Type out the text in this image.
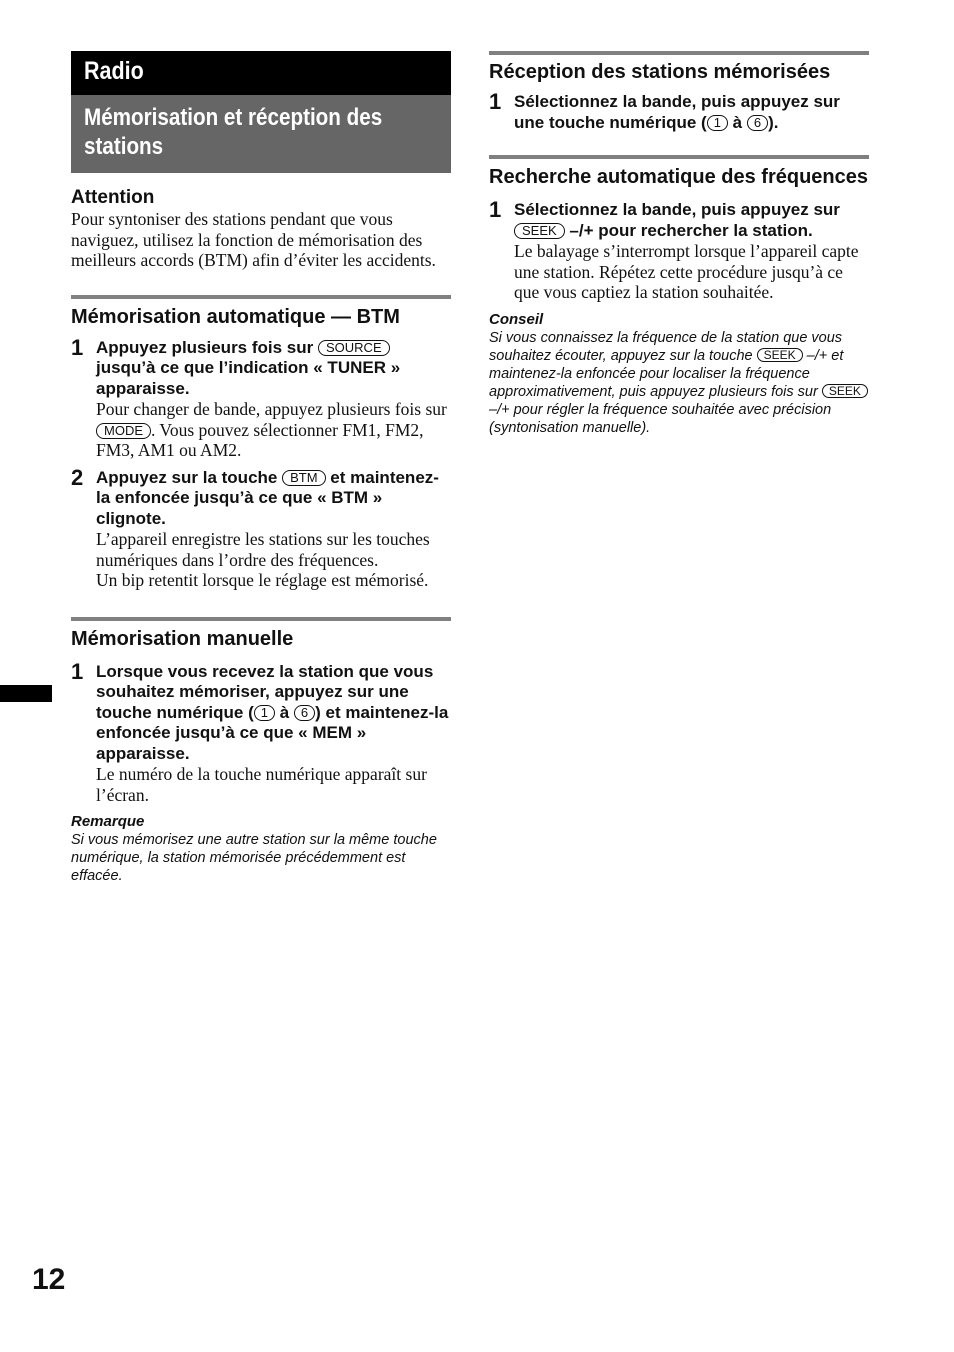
Radio
Mémorisation et réception des stations
Attention
Pour syntoniser des stations pendant que vous naviguez, utilisez la fonction de mémorisation des meilleurs accords (BTM) afin d’éviter les accidents.
Mémorisation automatique — BTM
1 Appuyez plusieurs fois sur SOURCE jusqu’à ce que l’indication « TUNER » apparaisse.
Pour changer de bande, appuyez plusieurs fois sur MODE . Vous pouvez sélectionner FM1, FM2, FM3, AM1 ou AM2.
2 Appuyez sur la touche BTM et maintenez-la enfoncée jusqu’à ce que « BTM » clignote.
L’appareil enregistre les stations sur les touches numériques dans l’ordre des fréquences.
Un bip retentit lorsque le réglage est mémorisé.
Mémorisation manuelle
1 Lorsque vous recevez la station que vous souhaitez mémoriser, appuyez sur une touche numérique ( 1 à 6 ) et maintenez-la enfoncée jusqu’à ce que « MEM » apparaisse.
Le numéro de la touche numérique apparaît sur l’écran.
Remarque
Si vous mémorisez une autre station sur la même touche numérique, la station mémorisée précédemment est effacée.
Réception des stations mémorisées
1 Sélectionnez la bande, puis appuyez sur une touche numérique ( 1 à 6 ).
Recherche automatique des fréquences
1 Sélectionnez la bande, puis appuyez sur SEEK –/+ pour rechercher la station.
Le balayage s’interrompt lorsque l’appareil capte une station. Répétez cette procédure jusqu’à ce que vous captiez la station souhaitée.
Conseil
Si vous connaissez la fréquence de la station que vous souhaitez écouter, appuyez sur la touche SEEK –/+ et maintenez-la enfoncée pour localiser la fréquence approximativement, puis appuyez plusieurs fois sur SEEK –/+ pour régler la fréquence souhaitée avec précision (syntonisation manuelle).
12
